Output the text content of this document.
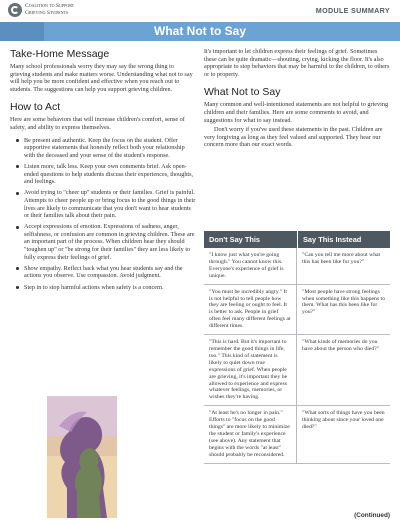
Coalition to Support
Grieving Students	MODULE SUMMARY
What Not to Say
Take-Home Message

Many school professionals worry they may say the wrong thing to grieving students and make matters worse. Understanding what not to say will help you be more confident and effective when you reach out to students. The suggestions can help you support grieving children.

How to Act

Here are some behaviors that will increase children's comfort, sense of safety, and ability to express themselves.

Be present and authentic. Keep the focus on the student. Offer supportive statements that honestly reflect both your relationship with the deceased and your sense of the student's response.
Listen more, talk less. Keep your own comments brief. Ask open-ended questions to help students discuss their experiences, thoughts, and feelings.
Avoid trying to "cheer up" students or their families. Grief is painful. Attempts to cheer people up or bring focus to the good things in their lives are likely to communicate that you don't want to hear students or their families talk about their pain.
Accept expressions of emotion. Expressions of sadness, anger, selfishness, or confusion are common in grieving children. These are an important part of the process. When children hear they should "toughen up" or "be strong for their families" they are less likely to fully express their feelings of grief.
Show empathy. Reflect back what you hear students say and the actions you observe. Use compassion. Avoid judgment.
Step in to stop harmful actions when safety is a concern.

It's important to let children express their feelings of grief. Sometimes these can be quite dramatic—shouting, crying, kicking the floor. It's also appropriate to stop behaviors that may be harmful to the children, to others or to property.

What Not to Say

Many common and well-intentioned statements are not helpful to grieving children and their families. Here are some comments to avoid, and suggestions for what to say instead.

Don't worry if you've used these statements in the past. Children are very forgiving as long as they feel valued and supported. They hear our concern more than our exact words.

Don't Say This	Say This Instead
"I know just what you're going through." You cannot know this. Everyone's experience of grief is unique.	"Can you tell me more about what this has been like for you?"
"You must be incredibly angry." It is not helpful to tell people how they are feeling or ought to feel. It is better to ask. People in grief often feel many different feelings at different times.	"Most people have strong feelings when something like this happens to them. What has this been like for you?"
"This is hard. But it's important to remember the good things in life, too." This kind of statement is likely to quiet down true expressions of grief. When people are grieving, it's important they be allowed to experience and express whatever feelings, memories, or wishes they're having.	"What kinds of memories do you have about the person who died?"
"At least he's no longer in pain." Efforts to "focus on the good things" are more likely to minimize the student or family's experience (see above). Any statement that begins with the words "at least" should probably be reconsidered.	"What sorts of things have you been thinking about since your loved one died?"
(Continued)
